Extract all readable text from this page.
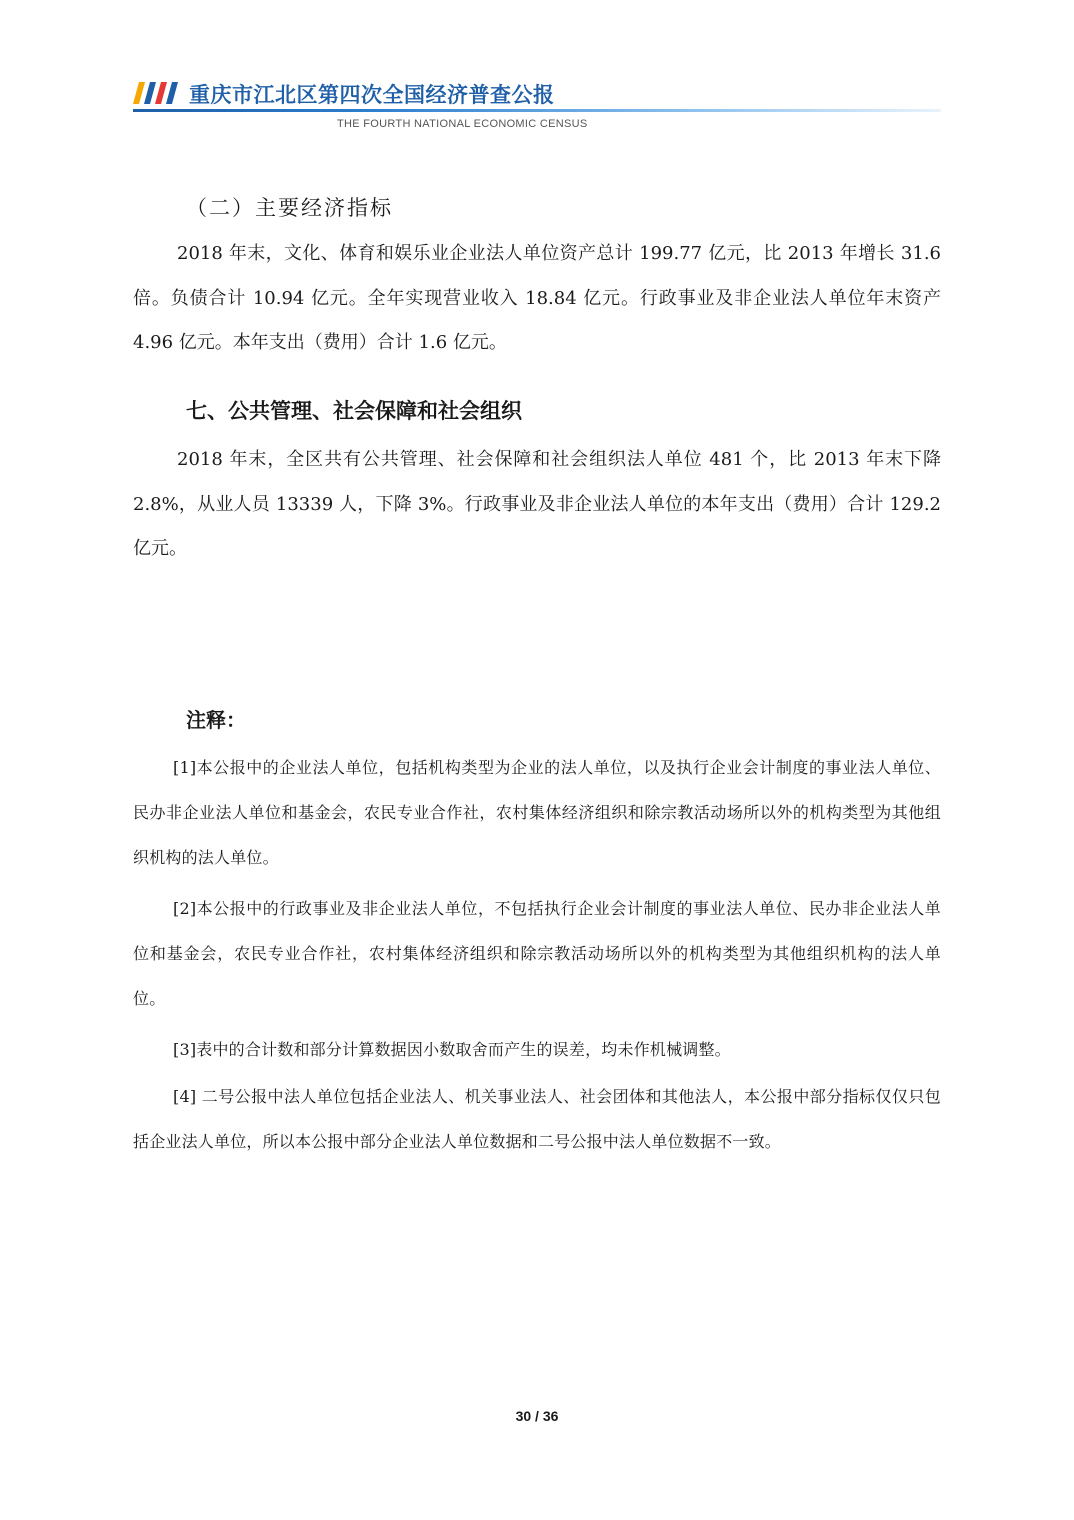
重庆市江北区第四次全国经济普查公报
THE FOURTH NATIONAL ECONOMIC CENSUS
（二）主要经济指标

2018 年末，文化、体育和娱乐业企业法人单位资产总计 199.77 亿元，比 2013 年增长 31.6 倍。负债合计 10.94 亿元。全年实现营业收入 18.84 亿元。行政事业及非企业法人单位年末资产 4.96 亿元。本年支出（费用）合计 1.6 亿元。

七、公共管理、社会保障和社会组织

2018 年末，全区共有公共管理、社会保障和社会组织法人单位 481 个，比 2013 年末下降 2.8%，从业人员 13339 人，下降 3%。行政事业及非企业法人单位的本年支出（费用）合计 129.2 亿元。

注释：

[1]本公报中的企业法人单位，包括机构类型为企业的法人单位，以及执行企业会计制度的事业法人单位、民办非企业法人单位和基金会，农民专业合作社，农村集体经济组织和除宗教活动场所以外的机构类型为其他组织机构的法人单位。

[2]本公报中的行政事业及非企业法人单位，不包括执行企业会计制度的事业法人单位、民办非企业法人单位和基金会，农民专业合作社，农村集体经济组织和除宗教活动场所以外的机构类型为其他组织机构的法人单位。

[3]表中的合计数和部分计算数据因小数取舍而产生的误差，均未作机械调整。

[4] 二号公报中法人单位包括企业法人、机关事业法人、社会团体和其他法人，本公报中部分指标仅仅只包括企业法人单位，所以本公报中部分企业法人单位数据和二号公报中法人单位数据不一致。

30 / 36
